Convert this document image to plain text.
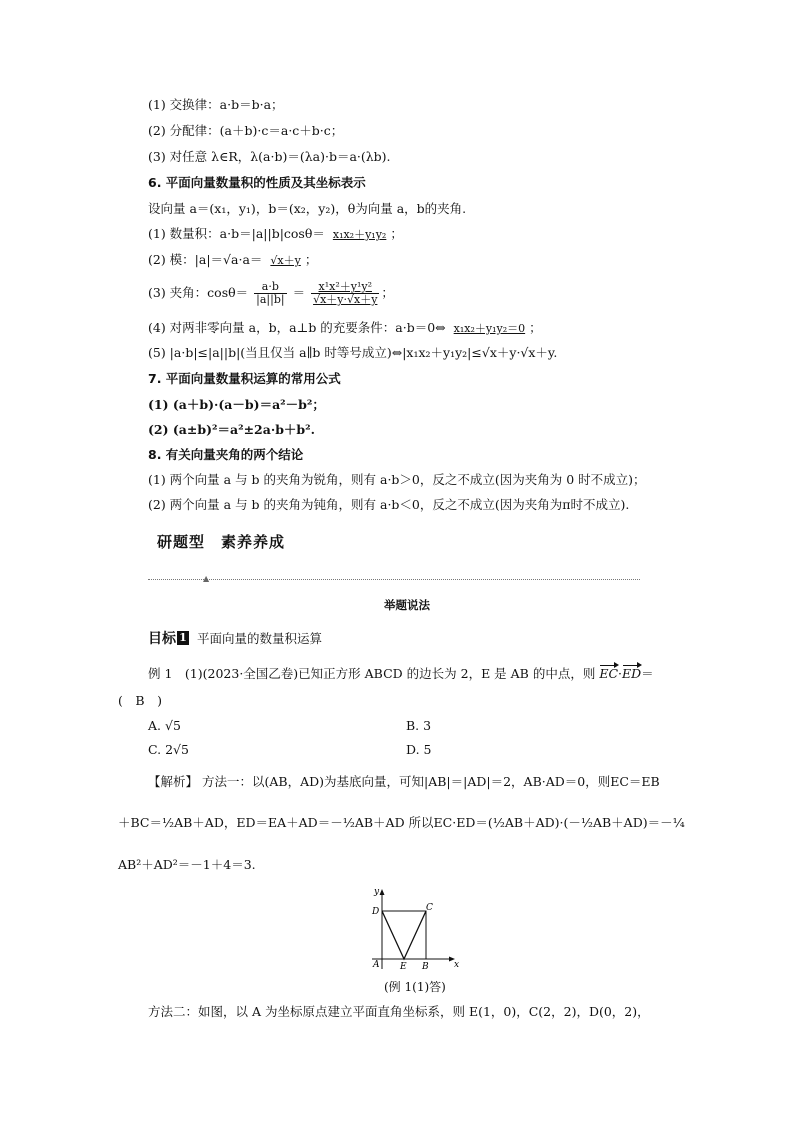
(1) 交换律：a·b＝b·a；
(2) 分配律：(a＋b)·c＝a·c＋b·c；
(3) 对任意 λ∈R，λ(a·b)＝(λa)·b＝a·(λb).
6. 平面向量数量积的性质及其坐标表示
设向量 a＝(x₁，y₁)，b＝(x₂，y₂)，θ为向量 a，b的夹角.
(1) 数量积：a·b＝|a||b|cosθ＝ x₁x₂＋y₁y₂ ；
(2) 模：|a|＝√a·a＝ √x＋y ；
(3) 夹角：$\cos\theta= \frac{a\cdot b}{|a||b|} = \frac{\text{x¹x²＋y¹y²}}{√x+y\cdot√x+y}$ ；
(4) 对两非零向量 a，b，a⊥b 的充要条件：a·b＝0⇔ x₁x₂＋y₁y₂＝0 ；
(5) |a·b|≤|a||b|(当且仅当 a∥b 时等号成立)⇔|x₁x₂＋y₁y₂|≤√x＋y·√x＋y.
7. 平面向量数量积运算的常用公式
(1) (a＋b)·(a－b)＝a²－b²；
(2) (a±b)²＝a²±2a·b＋b².
8. 有关向量夹角的两个结论
(1) 两个向量 a 与 b 的夹角为锐角，则有 a·b＞0，反之不成立(因为夹角为 0 时不成立)；
(2) 两个向量 a 与 b 的夹角为钝角，则有 a·b＜0，反之不成立(因为夹角为π时不成立).
研题型　素养养成
▲
举题说法
目标 1 平面向量的数量积运算
例 1　(1)(2023·全国乙卷)已知正方形 ABCD 的边长为 2，E 是 AB 的中点，则 EC·ED＝
(　B　)
A. √5	B. 3
C. 2√5	D. 5
【解析】 方法一：以(AB，AD)为基底向量，可知|AB|＝|AD|＝2，AB·AD＝0，则EC＝EB
＋BC＝½AB＋AD，ED＝EA＋AD＝－½AB＋AD 所以EC·ED＝(½AB＋AD)·(－½AB＋AD)＝－¼
AB²＋AD²＝－1＋4＝3.
y
x
A E B
C
D
(例 1(1)答)
方法二：如图，以 A 为坐标原点建立平面直角坐标系，则 E(1，0)，C(2，2)，D(0，2)，
